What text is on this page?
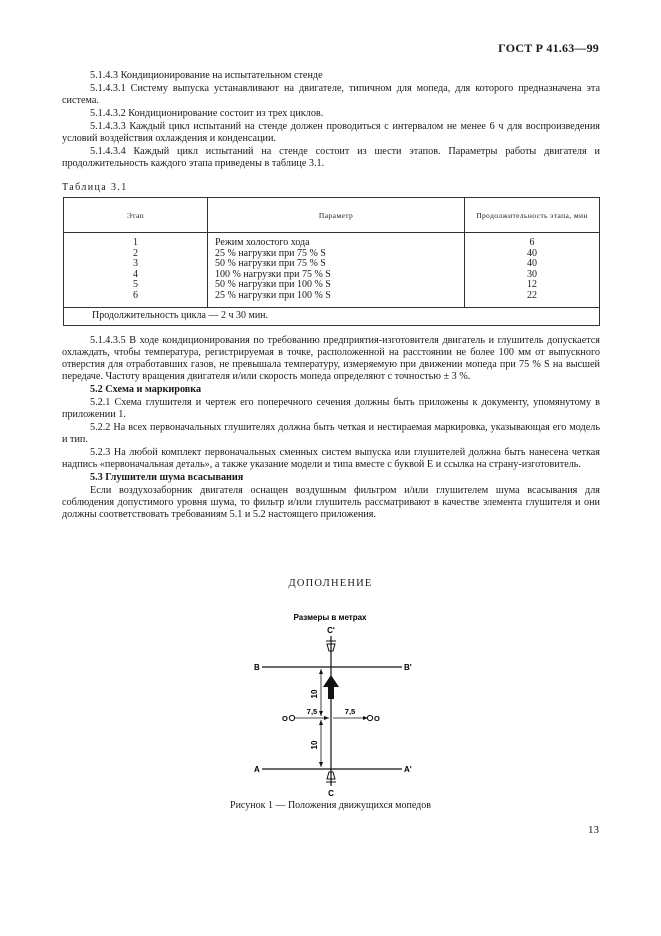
ГОСТ Р 41.63—99

5.1.4.3 Кондиционирование на испытательном стенде

5.1.4.3.1 Систему выпуска устанавливают на двигателе, типичном для мопеда, для которого предназначена эта система.

5.1.4.3.2 Кондиционирование состоит из трех циклов.

5.1.4.3.3 Каждый цикл испытаний на стенде должен проводиться с интервалом не менее 6 ч для воспроизведения условий воздействия охлаждения и конденсации.

5.1.4.3.4 Каждый цикл испытаний на стенде состоит из шести этапов. Параметры работы двигателя и продолжительность каждого этапа приведены в таблице 3.1.

Таблица 3.1
Этап	Параметр	Продолжительность этапа, мин
1	Режим холостого хода	6
2	25 % нагрузки при 75 % S	40
3	50 % нагрузки при 75 % S	40
4	100 % нагрузки при 75 % S	30
5	50 % нагрузки при 100 % S	12
6	25 % нагрузки при 100 % S	22
Продолжительность цикла — 2 ч 30 мин.		

5.1.4.3.5 В ходе кондиционирования по требованию предприятия-изготовителя двигатель и глушитель допускается охлаждать, чтобы температура, регистрируемая в точке, расположенной на расстоянии не более 100 мм от выпускного отверстия для отработавших газов, не превышала температуру, измеряемую при движении мопеда при 75 % S на высшей передаче. Частоту вращения двигателя и/или скорость мопеда определяют с точностью ± 3 %.

5.2 Схема и маркировка

5.2.1 Схема глушителя и чертеж его поперечного сечения должны быть приложены к документу, упомянутому в приложении 1.

5.2.2 На всех первоначальных глушителях должна быть четкая и нестираемая маркировка, указывающая его модель и тип.

5.2.3 На любой комплект первоначальных сменных систем выпуска или глушителей должна быть нанесена четкая надпись «первоначальная деталь», а также указание модели и типа вместе с буквой E и ссылка на страну-изготовитель.

5.3 Глушители шума всасывания

Если воздухозаборник двигателя оснащен воздушным фильтром и/или глушителем шума всасывания для соблюдения допустимого уровня шума, то фильтр и/или глушитель рассматривают в качестве элемента глушителя и они должны соответствовать требованиям 5.1 и 5.2 настоящего приложения.

ДОПОЛНЕНИЕ
Размеры в метрах
10
10
7,5	7,5
C'
C
B	B'
A	A'
O	O
Рисунок 1 — Положения движущихся мопедов
13
